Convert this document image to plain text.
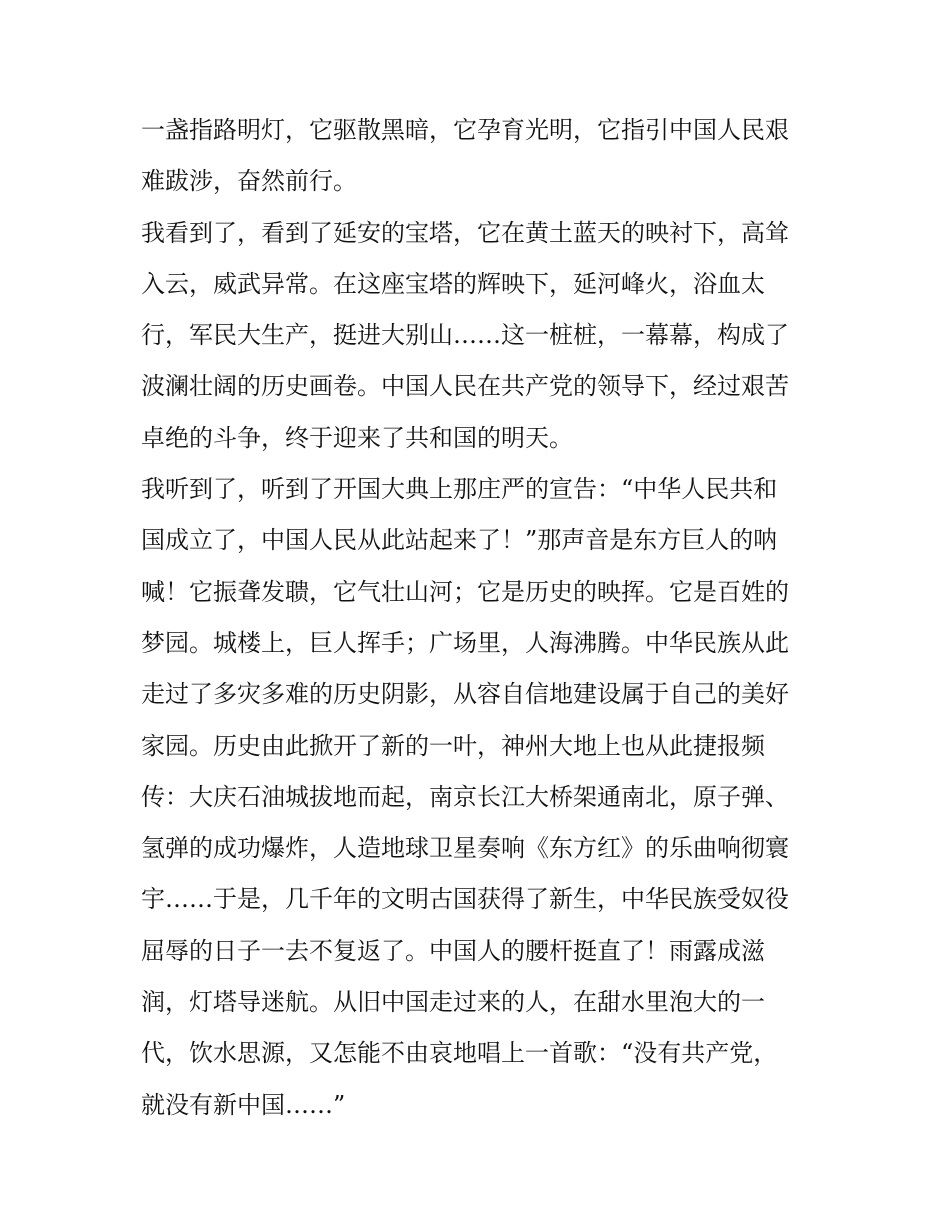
一盏指路明灯，它驱散黑暗，它孕育光明，它指引中国人民艰
难跋涉，奋然前行。
我看到了，看到了延安的宝塔，它在黄土蓝天的映衬下，高耸
入云，威武异常。在这座宝塔的辉映下，延河峰火，浴血太
行，军民大生产，挺进大别山……这一桩桩，一幕幕，构成了
波澜壮阔的历史画卷。中国人民在共产党的领导下，经过艰苦
卓绝的斗争，终于迎来了共和国的明天。
我听到了，听到了开国大典上那庄严的宣告：“中华人民共和
国成立了，中国人民从此站起来了！”那声音是东方巨人的呐
喊！它振聋发聩，它气壮山河；它是历史的映挥。它是百姓的
梦园。城楼上，巨人挥手；广场里，人海沸腾。中华民族从此
走过了多灾多难的历史阴影，从容自信地建设属于自己的美好
家园。历史由此掀开了新的一叶，神州大地上也从此捷报频
传：大庆石油城拔地而起，南京长江大桥架通南北，原子弹、
氢弹的成功爆炸，人造地球卫星奏响《东方红》的乐曲响彻寰
宇……于是，几千年的文明古国获得了新生，中华民族受奴役
屈辱的日子一去不复返了。中国人的腰杆挺直了！雨露成滋
润，灯塔导迷航。从旧中国走过来的人，在甜水里泡大的一
代，饮水思源，又怎能不由哀地唱上一首歌：“没有共产党，
就没有新中国……”
